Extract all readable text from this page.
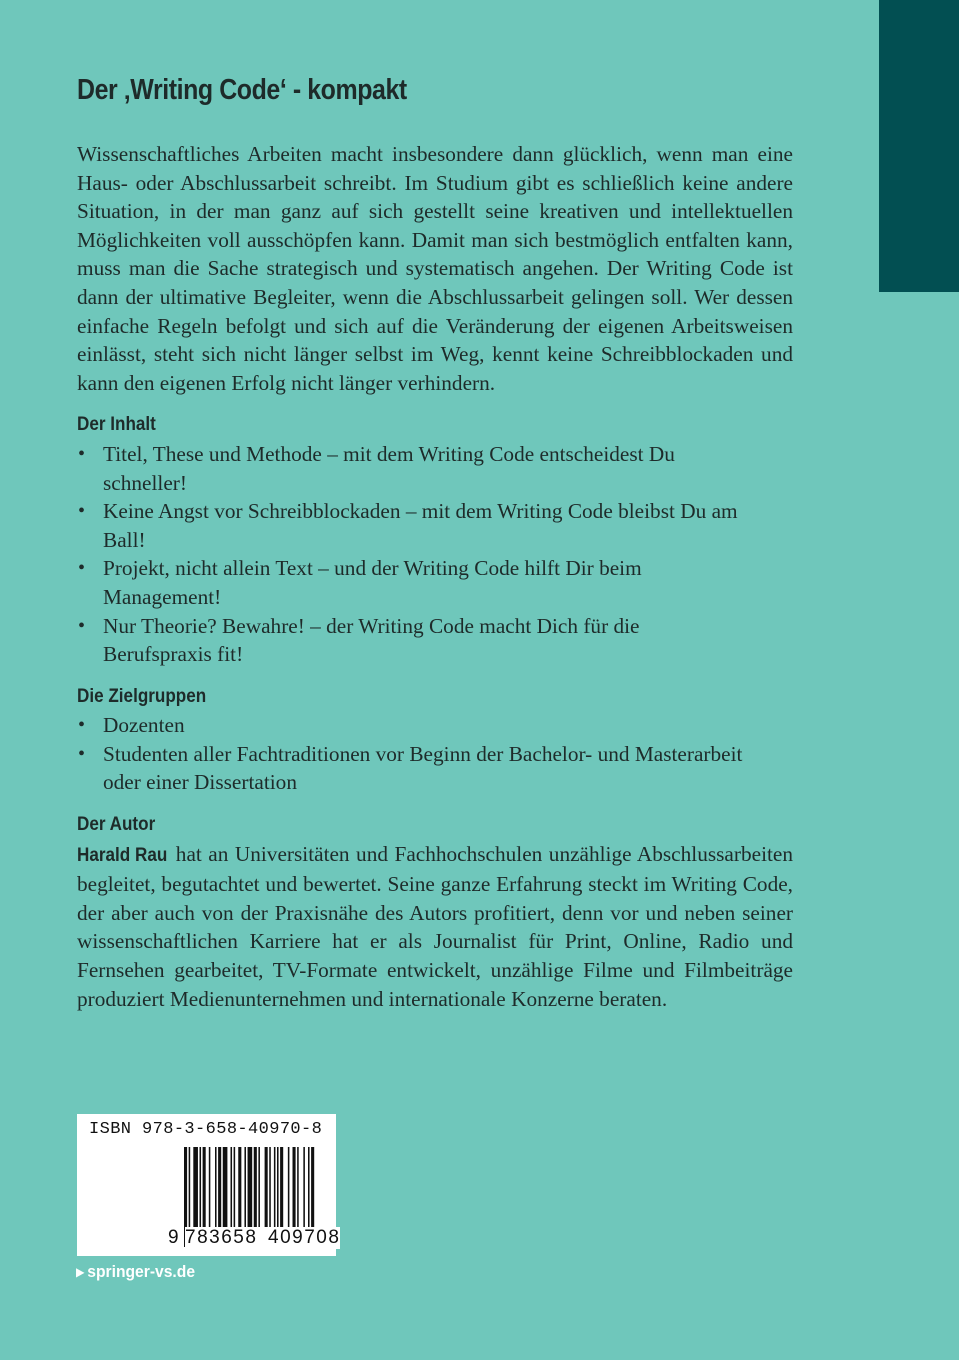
Der ‚Writing Code‘ - kompakt

Wissenschaftliches Arbeiten macht insbesondere dann glücklich, wenn man eine Haus- oder Abschlussarbeit schreibt. Im Studium gibt es schließlich keine andere Situation, in der man ganz auf sich gestellt seine kreativen und intellektuellen Möglichkeiten voll ausschöpfen kann. Damit man sich bestmöglich entfalten kann, muss man die Sache strategisch und systematisch angehen. Der Writing Code ist dann der ultimative Begleiter, wenn die Abschlussarbeit gelingen soll. Wer dessen einfache Regeln befolgt und sich auf die Veränderung der eigenen Arbeitsweisen einlässt, steht sich nicht länger selbst im Weg, kennt keine Schreibblockaden und kann den eigenen Erfolg nicht länger verhindern.

Der Inhalt
• Titel, These und Methode – mit dem Writing Code entscheidest Du schneller!
• Keine Angst vor Schreibblockaden – mit dem Writing Code bleibst Du am Ball!
• Projekt, nicht allein Text – und der Writing Code hilft Dir beim Management!
• Nur Theorie? Bewahre! – der Writing Code macht Dich für die Berufspraxis fit!
Die Zielgruppen
• Dozenten
• Studenten aller Fachtraditionen vor Beginn der Bachelor- und Masterarbeit oder einer Dissertation
Der Autor

Harald Rau hat an Universitäten und Fachhochschulen unzählige Abschlussarbeiten begleitet, begutachtet und bewertet. Seine ganze Erfahrung steckt im Writing Code, der aber auch von der Praxisnähe des Autors profitiert, denn vor und neben seiner wissenschaftlichen Karriere hat er als Journalist für Print, Online, Radio und Fernsehen gearbeitet, TV-Formate entwickelt, unzählige Filme und Filmbeiträge produziert Medienunternehmen und internationale Konzerne beraten.

ISBN 978-3-658-40970-8
9 783658 409708
▶ springer-vs.de
